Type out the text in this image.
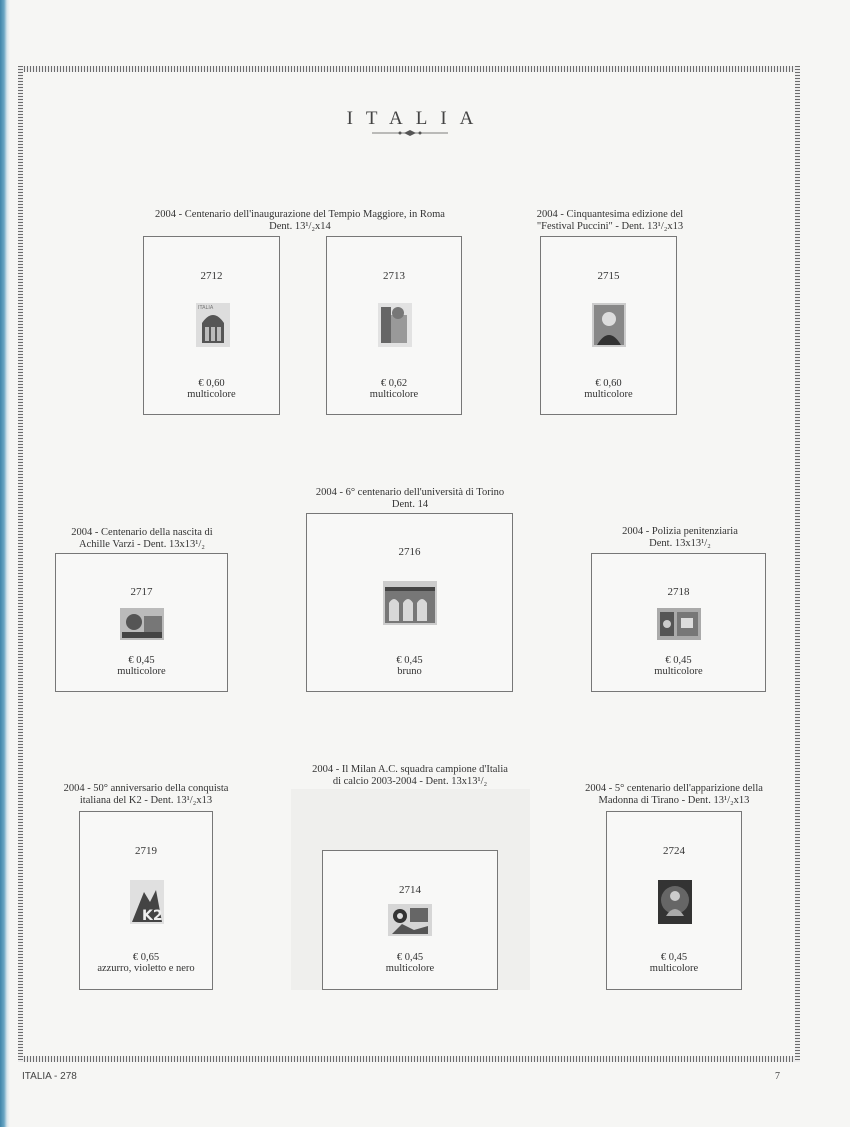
ITALIA
2004 - Centenario dell'inaugurazione del Tempio Maggiore, in Roma
Dent. 13¹/₂x14
2004 - Cinquantesima edizione del
"Festival Puccini" - Dent. 13¹/₂x13
2712
ITALIA
€ 0,60
multicolore
2713
€ 0,62
multicolore
2715
€ 0,60
multicolore
2004 - 6° centenario dell'università di Torino
Dent. 14
2004 - Centenario della nascita di
Achille Varzi - Dent. 13x13¹/₂
2004 - Polizia penitenziaria
Dent. 13x13¹/₂
2717
€ 0,45
multicolore
2716
€ 0,45
bruno
2718
€ 0,45
multicolore
2004 - Il Milan A.C. squadra campione d'Italia
di calcio 2003-2004 - Dent. 13x13¹/₂
2004 - 50° anniversario della conquista
italiana del K2 - Dent. 13¹/₂x13
2004 - 5° centenario dell'apparizione della
Madonna di Tirano - Dent. 13¹/₂x13
2719
K2
€ 0,65
azzurro, violetto e nero
2714
€ 0,45
multicolore
2724
€ 0,45
multicolore
ITALIA - 278	7
